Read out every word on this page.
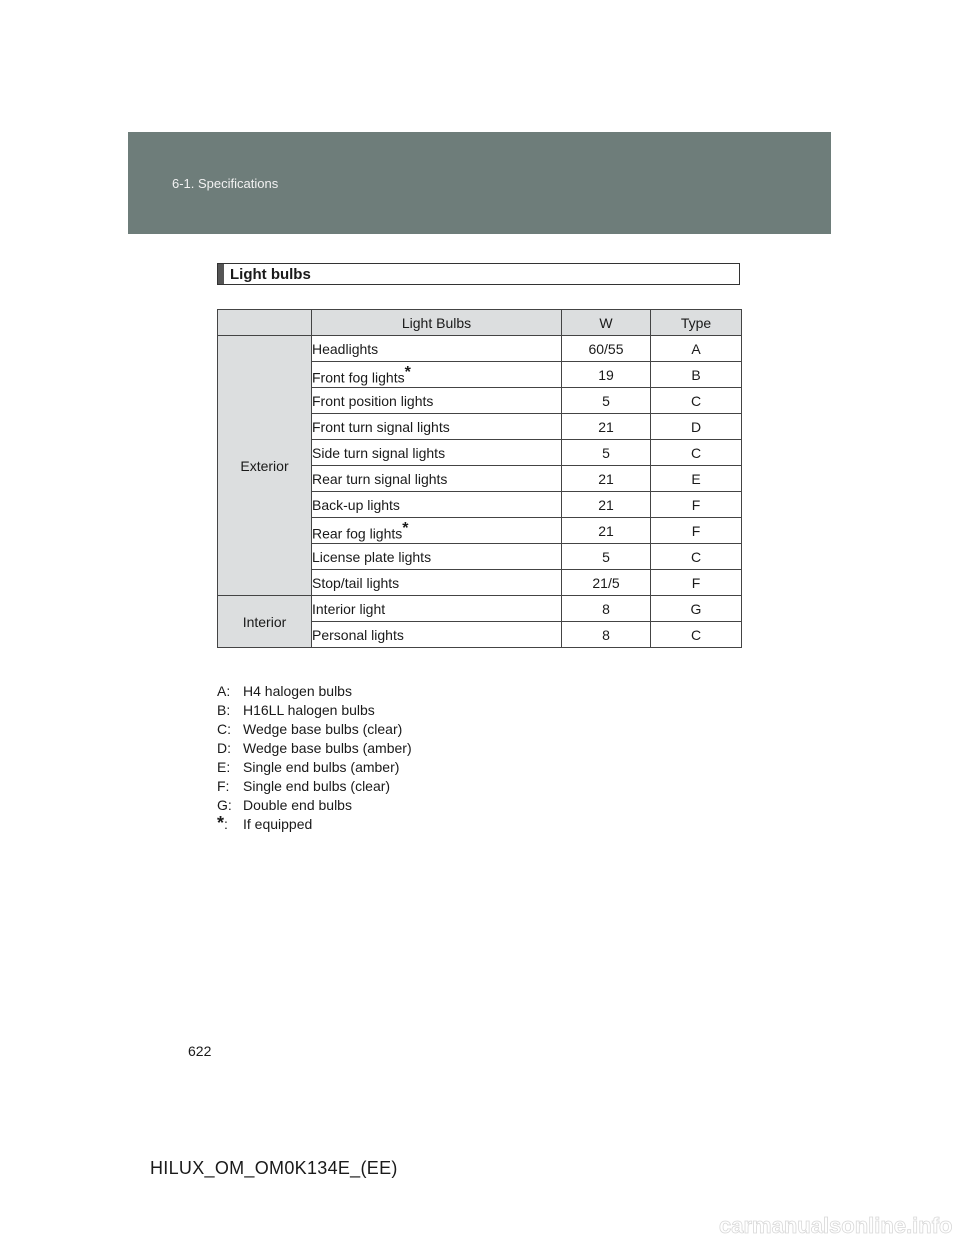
6-1. Specifications
Light bulbs
	Light Bulbs	W	Type
Exterior	Headlights	60/55	A
	Front fog lights*	19	B
	Front position lights	5	C
	Front turn signal lights	21	D
	Side turn signal lights	5	C
	Rear turn signal lights	21	E
	Back-up lights	21	F
	Rear fog lights*	21	F
	License plate lights	5	C
	Stop/tail lights	21/5	F
Interior	Interior light	8	G
	Personal lights	8	C
A: H4 halogen bulbs
B: H16LL halogen bulbs
C: Wedge base bulbs (clear)
D: Wedge base bulbs (amber)
E: Single end bulbs (amber)
F: Single end bulbs (clear)
G: Double end bulbs
*:	If equipped
622
HILUX_OM_OM0K134E_(EE)
carmanualsonline.info
